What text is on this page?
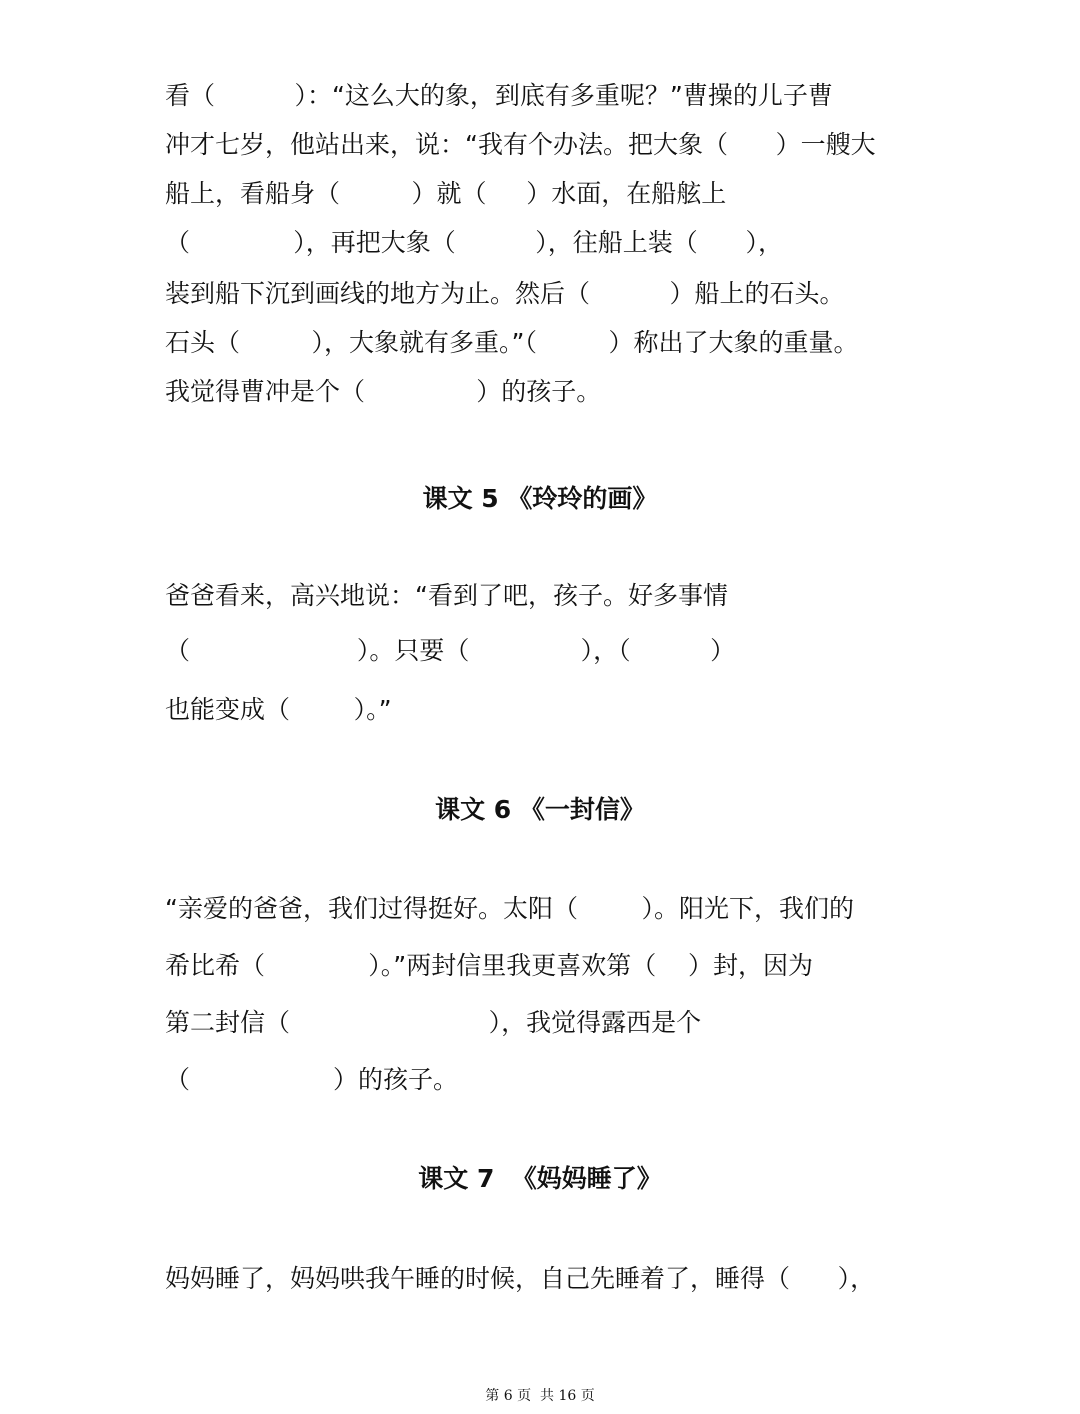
看（          ）：“这么大的象，到底有多重呢？”曹操的儿子曹
冲才七岁，他站出来，说：“我有个办法。把大象（      ）一艘大
船上，看船身（         ）就（     ）水面，在船舷上
（             ），再把大象（          ），往船上装（      ），
装到船下沉到画线的地方为止。然后（          ）船上的石头。
石头（         ），大象就有多重。”（         ）称出了大象的重量。
我觉得曹冲是个（              ）的孩子。
课文 5 《玲玲的画》
爸爸看来，高兴地说：“看到了吧，孩子。好多事情
（                     ）。只要（              ），（          ）
也能变成（        ）。”
课文 6 《一封信》
“亲爱的爸爸，我们过得挺好。太阳（        ）。阳光下，我们的
希比希（             ）。”两封信里我更喜欢第（    ）封，因为
第二封信（                         ），我觉得露西是个
（                  ）的孩子。
课文 7  《妈妈睡了》
妈妈睡了，妈妈哄我午睡的时候，自己先睡着了，睡得（      ），
第 6 页  共 16 页
